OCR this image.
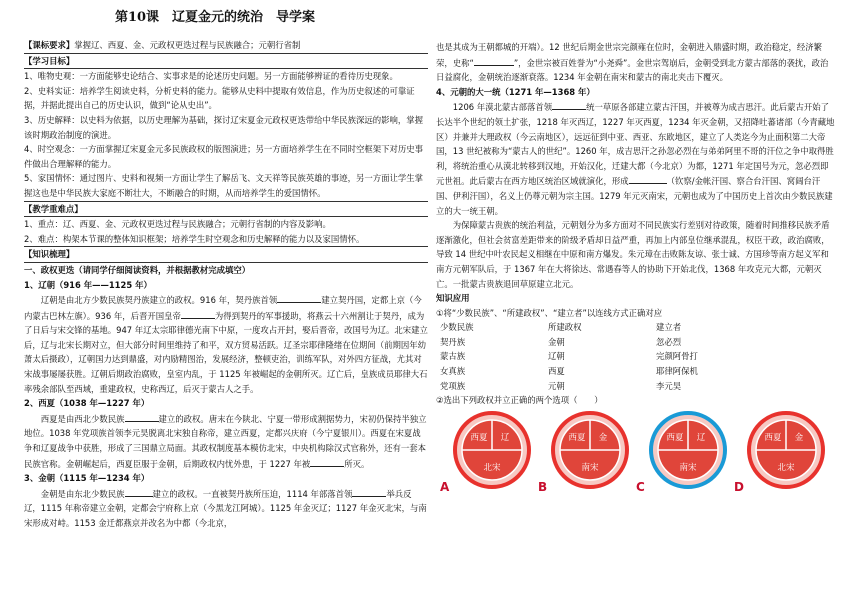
第10课　辽夏金元的统治　导学案

【课标要求】掌握辽、西夏、金、元政权更迭过程与民族融合；元朝行省制

【学习目标】

1、唯物史观：一方面能够史论结合、实事求是的论述历史问题。另一方面能够辨证的看待历史现象。

2、史料实证：培养学生阅读史料，分析史料的能力。能够从史料中提取有效信息，作为历史叙述的可靠证据，并据此提出自己的历史认识，做到“论从史出”。

3、历史解释：以史料为依据，以历史理解为基础，探讨辽宋夏金元政权更迭带给中华民族深远的影响，掌握该时期政治制度的演进。

4、时空观念：一方面掌握辽宋夏金元多民族政权的版图演进；另一方面培养学生在不同时空框架下对历史事件做出合理解释的能力。

5、家国情怀：通过图片、史料和视频一方面让学生了解岳飞、文天祥等民族英雄的事迹，另一方面让学生掌握这也是中华民族大家庭不断壮大，不断融合的时期，从而培养学生的爱国情怀。

【教学重难点】

1、重点：辽、西夏、金、元政权更迭过程与民族融合；元朝行省制的内容及影响。

2、难点：构架本节课的整体知识框架；培养学生时空观念和历史解释的能力以及家国情怀。

【知识梳理】

一、政权更迭（请同学仔细阅读资料，并根据教材完成填空）

1、辽朝（916 年——1125 年）

辽朝是由北方少数民族契丹族建立的政权。916 年，契丹族首领	建立契丹国，定都上京（今内蒙古巴林左旗）。936 年，后晋开国皇帝	为得到契丹的军事援助，将燕云十六州割让于契丹，成为了日后与宋交锋的基地。947 年辽太宗耶律德光南下中原，一度攻占开封，娶后晋帝，改国号为辽。北宋建立后，辽与北宋长期对立，但大部分时间里维持了和平，双方贸易活跃。辽圣宗耶律隆绪在位期间（前期因年幼萧太后摄政），辽朝国力达到鼎盛，对内励精图治，发展经济，整顿吏治，训练军队，对外四方征战，尤其对宋战事屡屡获胜。辽朝后期政治腐败，皇室内乱，于 1125 年被崛起的金朝所灭。辽亡后，皇族成员耶律大石率残余部队至西域，重建政权，史称西辽，后灭于蒙古人之手。

2、西夏（1038 年—1227 年）

西夏是由西北少数民族	建立的政权。唐末在今陕北、宁夏一带形成割据势力，宋初仍保持半独立地位。1038 年党项族首领李元昊脱离北宋独自称帝，建立西夏，定都兴庆府（今宁夏银川）。西夏在宋夏战争和辽夏战争中获胜，形成了三国鼎立局面。其政权制度基本模仿北宋，中央机构除汉式官称外，还有一套本民族官称。金朝崛起后，西夏臣服于金朝，后期政权内忧外患，于 1227 年被	所灭。

3、金朝（1115 年—1234 年）

金朝是由东北少数民族	建立的政权。一直被契丹族所压迫，1114 年部落首领	举兵反辽，1115 年称帝建立金朝，定都会宁府称上京（今黑龙江阿城）。1125 年金灭辽；1127 年金灭北宋，与南宋形成对峙。1153 金迁都燕京并改名为中都（今北京，

也是其成为王朝都城的开端）。12 世纪后期金世宗完颜雍在位时，金朝进入鼎盛时期，政治稳定，经济繁荣，史称“	”，金世宗被百姓誉为“小尧舜”。金世宗驾崩后，金朝受到北方蒙古部落的袭扰，政治日益腐化，金朝统治逐渐衰落。1234 年金朝在南宋和蒙古的南北夹击下覆灭。

4、元朝的大一统（1271 年—1368 年）

1206 年漠北蒙古部落首领	统一草原各部建立蒙古汗国，并被尊为成吉思汗。此后蒙古开始了长达半个世纪的领土扩张，1218 年灭西辽，1227 年灭西夏，1234 年灭金朝，又招降吐蕃诸部（今青藏地区）并兼并大理政权（今云南地区），远远征到中亚、西亚、东欧地区，建立了人类迄今为止面积第二大帝国，13 世纪被称为“蒙古人的世纪”。1260 年，成吉思汗之孙忽必烈在与弟弟阿里不哥的汗位之争中取得胜利，将统治重心从漠北转移到汉地，开始汉化，迁建大都（今北京）为都，1271 年定国号为元，忽必烈即元世祖。此后蒙古在西方地区统治区域就演化，形成	（钦察/金帐汗国、察合台汗国、窝阔台汗国、伊利汗国），名义上仍尊元朝为宗主国。1279 年元灭南宋，元朝也成为了中国历史上首次由少数民族建立的大一统王朝。

为保障蒙古贵族的统治利益，元朝划分为多方面对不同民族实行差别对待政策，随着时间推移民族矛盾逐渐激化，但社会贫富差距带来的阶级矛盾却日益严重，再加上内部皇位继承混乱，权臣干政，政治腐败，导致 14 世纪中叶农民起义相继在中原和南方爆发。朱元璋在击败陈友谅、张士诚、方国珍等南方起义军和南方元朝军队后，于 1367 年在大将徐达、常遇春等人的协助下开始北伐，1368 年攻克元大都，元朝灭亡。一批蒙古贵族退回草原建立北元。

知识应用

①将“少数民族”、“所建政权”、“建立者”以连线方式正确对应

少数民族	所建政权	建立者
契丹族	金朝	忽必烈
蒙古族	辽朝	完颜阿骨打
女真族	西夏	耶律阿保机
党项族	元朝	李元昊

②选出下列政权并立正确的两个选项（　　）

A
西夏 辽
北宋
B
西夏 金
南宋
C
西夏 辽
南宋
D
西夏 金
北宋
